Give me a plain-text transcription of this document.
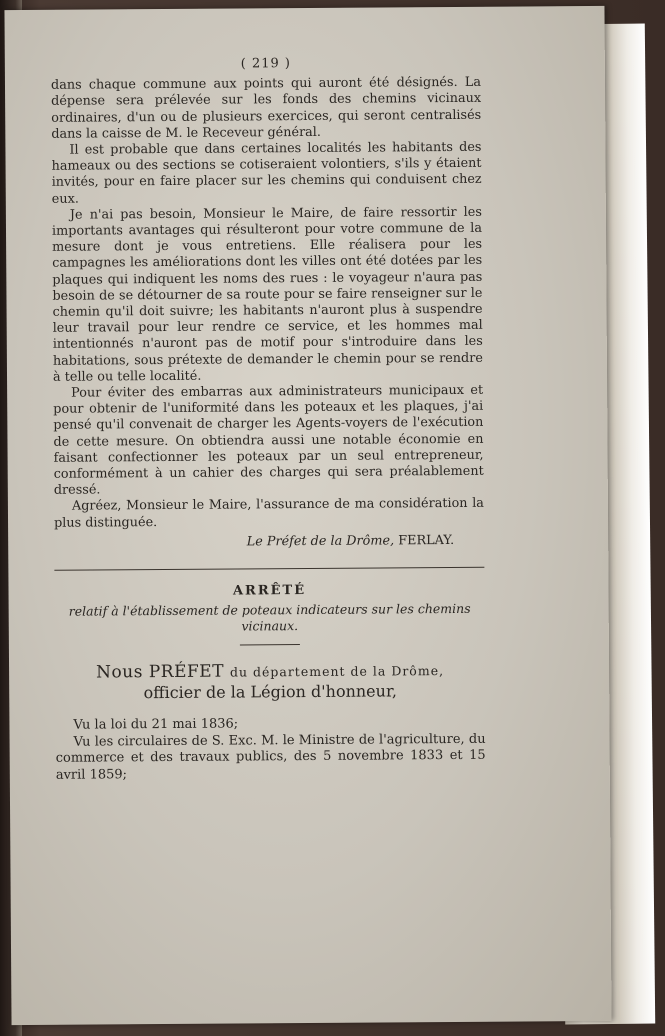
( 219 )

dans chaque commune aux points qui auront été désignés. La dépense sera prélevée sur les fonds des chemins vicinaux ordinaires, d'un ou de plusieurs exercices, qui seront centralisés dans la caisse de M. le Receveur général.

Il est probable que dans certaines localités les habitants des hameaux ou des sections se cotiseraient volontiers, s'ils y étaient invités, pour en faire placer sur les chemins qui conduisent chez eux.

Je n'ai pas besoin, Monsieur le Maire, de faire ressortir les importants avantages qui résulteront pour votre commune de la mesure dont je vous entretiens. Elle réalisera pour les campagnes les améliorations dont les villes ont été dotées par les plaques qui indiquent les noms des rues : le voyageur n'aura pas besoin de se détourner de sa route pour se faire renseigner sur le chemin qu'il doit suivre; les habitants n'auront plus à suspendre leur travail pour leur rendre ce service, et les hommes mal intentionnés n'auront pas de motif pour s'introduire dans les habitations, sous prétexte de demander le chemin pour se rendre à telle ou telle localité.

Pour éviter des embarras aux administrateurs municipaux et pour obtenir de l'uniformité dans les poteaux et les plaques, j'ai pensé qu'il convenait de charger les Agents-voyers de l'exécution de cette mesure. On obtiendra aussi une notable économie en faisant confectionner les poteaux par un seul entrepreneur, conformément à un cahier des charges qui sera préalablement dressé.

Agréez, Monsieur le Maire, l'assurance de ma considération la plus distinguée.

Le Préfet de la Drôme, FERLAY.
ARRÊTÉ
relatif à l'établissement de poteaux indicateurs sur les chemins vicinaux.
Nous PRÉFET du département de la Drôme,
officier de la Légion d'honneur,

Vu la loi du 21 mai 1836;

Vu les circulaires de S. Exc. M. le Ministre de l'agriculture, du commerce et des travaux publics, des 5 novembre 1833 et 15 avril 1859;
